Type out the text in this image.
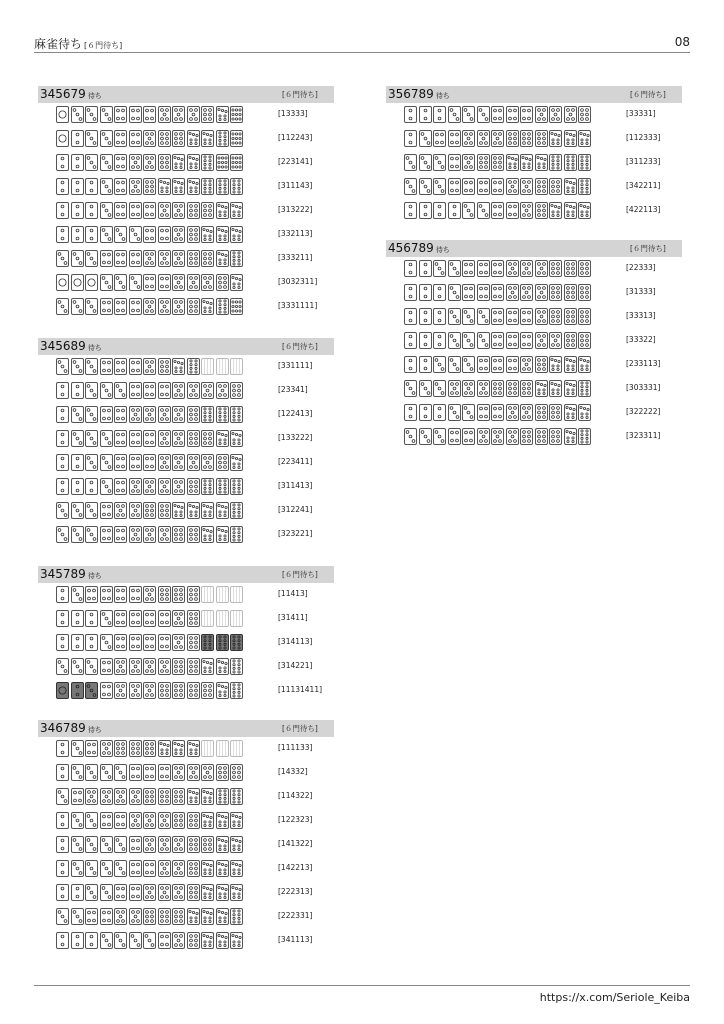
麻雀待ち [６門待ち]	08
345679 待ち	[６門待ち]
[13333]
[112243]
[223141]
[311143]
[313222]
[332113]
[333211]
[3032311]
[3331111]
345689 待ち	[６門待ち]
[331111]
[23341]
[122413]
[133222]
[223411]
[311413]
[312241]
[323221]
345789 待ち	[６門待ち]
[11413]
[31411]
[314113]
[314221]
[11131411]
346789 待ち	[６門待ち]
[111133]
[14332]
[114322]
[122323]
[141322]
[142213]
[222313]
[222331]
[341113]
356789 待ち	[６門待ち]
[33331]
[112333]
[311233]
[342211]
[422113]
456789 待ち	[６門待ち]
[22333]
[31333]
[33313]
[33322]
[233113]
[303331]
[322222]
[323311]
https://x.com/Seriole_Keiba
